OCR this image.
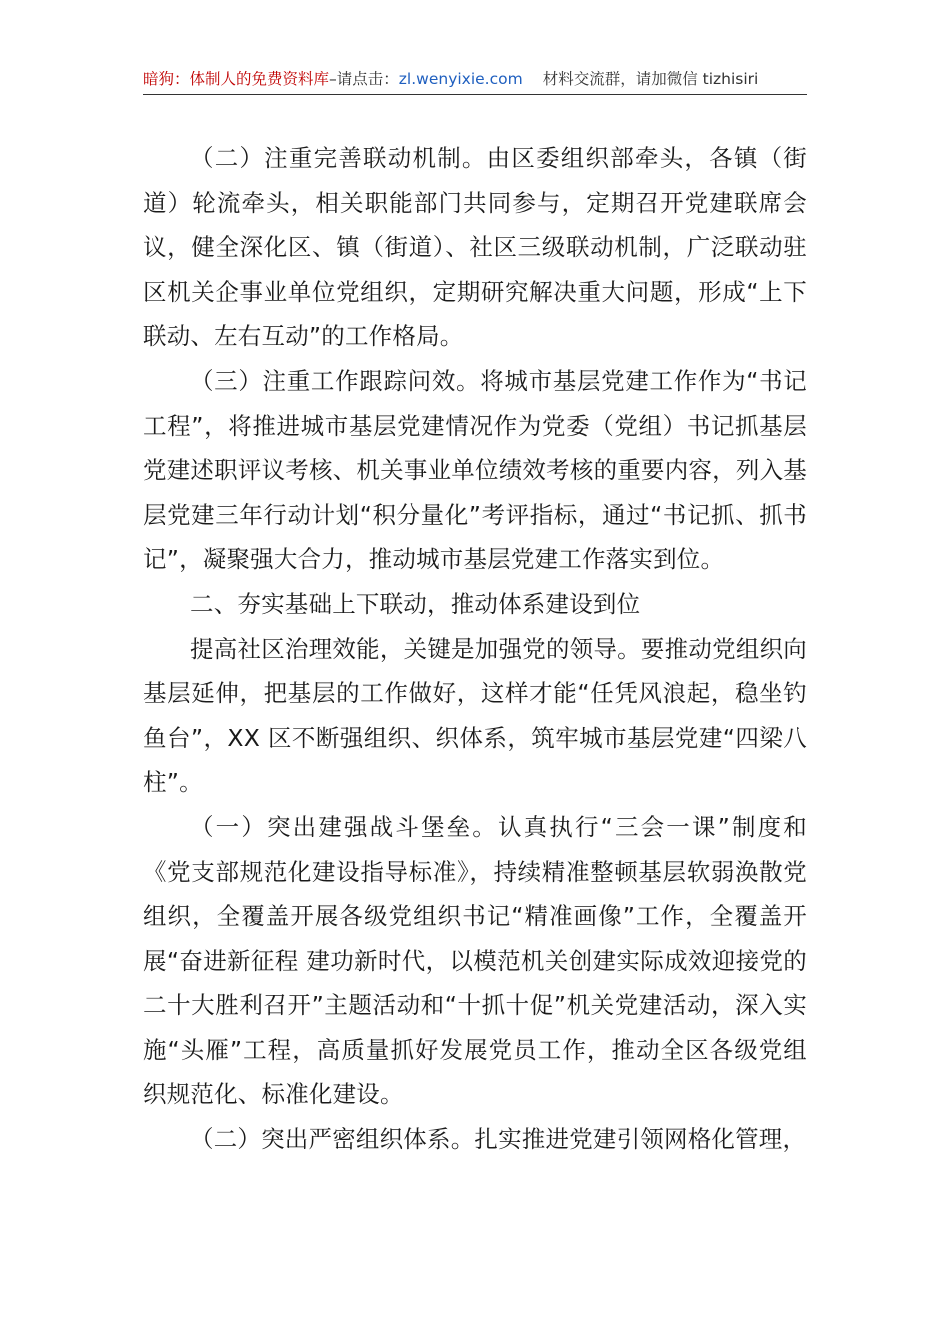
暗狗：体制人的免费资料库–请点击：zl.wenyixie.com 材料交流群，请加微信 tizhisiri

（二）注重完善联动机制。由区委组织部牵头，各镇（街道）轮流牵头，相关职能部门共同参与，定期召开党建联席会议，健全深化区、镇（街道）、社区三级联动机制，广泛联动驻区机关企事业单位党组织，定期研究解决重大问题，形成“上下联动、左右互动”的工作格局。

（三）注重工作跟踪问效。将城市基层党建工作作为“书记工程”，将推进城市基层党建情况作为党委（党组）书记抓基层党建述职评议考核、机关事业单位绩效考核的重要内容，列入基层党建三年行动计划“积分量化”考评指标，通过“书记抓、抓书记”，凝聚强大合力，推动城市基层党建工作落实到位。

二、夯实基础上下联动，推动体系建设到位

提高社区治理效能，关键是加强党的领导。要推动党组织向基层延伸，把基层的工作做好，这样才能“任凭风浪起，稳坐钓鱼台”，XX 区不断强组织、织体系，筑牢城市基层党建“四梁八柱”。

（一）突出建强战斗堡垒。认真执行“三会一课”制度和《党支部规范化建设指导标准》，持续精准整顿基层软弱涣散党组织，全覆盖开展各级党组织书记“精准画像”工作，全覆盖开展“奋进新征程 建功新时代，以模范机关创建实际成效迎接党的二十大胜利召开”主题活动和“十抓十促”机关党建活动，深入实施“头雁”工程，高质量抓好发展党员工作，推动全区各级党组织规范化、标准化建设。

（二）突出严密组织体系。扎实推进党建引领网格化管理，
